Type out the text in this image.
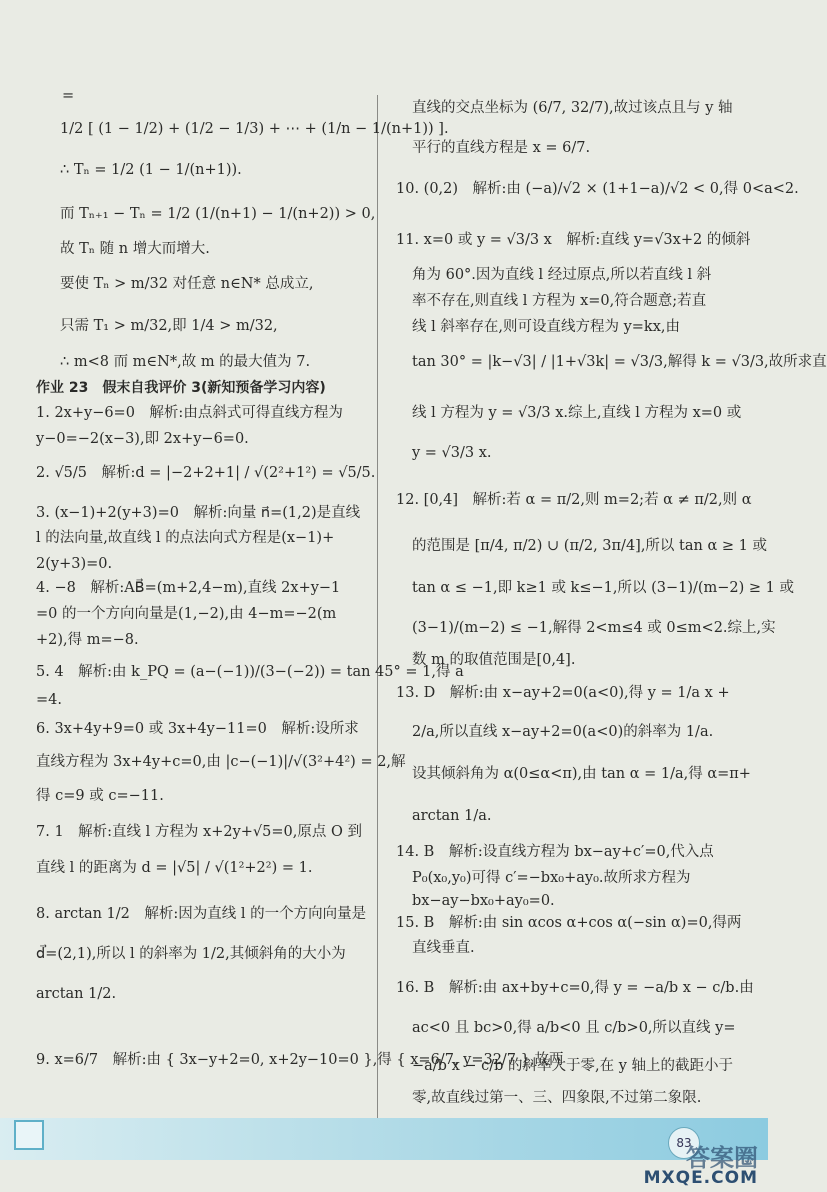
=
1/2 [ (1 − 1/2) + (1/2 − 1/3) + ⋯ + (1/n − 1/(n+1)) ].
∴ Tₙ = 1/2 (1 − 1/(n+1)).
而 Tₙ₊₁ − Tₙ = 1/2 (1/(n+1) − 1/(n+2)) > 0,
故 Tₙ 随 n 增大而增大.
要使 Tₙ > m/32 对任意 n∈N* 总成立,
只需 T₁ > m/32,即 1/4 > m/32,
∴ m<8 而 m∈N*,故 m 的最大值为 7.
作业 23　假末自我评价 3(新知预备学习内容)
1. 2x+y−6=0　解析:由点斜式可得直线方程为
y−0=−2(x−3),即 2x+y−6=0.
2. √5/5　解析:d = |−2+2+1| / √(2²+1²) = √5/5.
3. (x−1)+2(y+3)=0　解析:向量 n⃗=(1,2)是直线
l 的法向量,故直线 l 的点法向式方程是(x−1)+
2(y+3)=0.
4. −8　解析:AB⃗=(m+2,4−m),直线 2x+y−1
=0 的一个方向向量是(1,−2),由 4−m=−2(m
+2),得 m=−8.
5. 4　解析:由 k_PQ = (a−(−1))/(3−(−2)) = tan 45° = 1,得 a
=4.
6. 3x+4y+9=0 或 3x+4y−11=0　解析:设所求
直线方程为 3x+4y+c=0,由 |c−(−1)|/√(3²+4²) = 2,解
得 c=9 或 c=−11.
7. 1　解析:直线 l 方程为 x+2y+√5=0,原点 O 到
直线 l 的距离为 d = |√5| / √(1²+2²) = 1.
8. arctan 1/2　解析:因为直线 l 的一个方向向量是
d⃗=(2,1),所以 l 的斜率为 1/2,其倾斜角的大小为
arctan 1/2.
9. x=6/7　解析:由 { 3x−y+2=0, x+2y−10=0 },得 { x=6/7, y=32/7 },故两
直线的交点坐标为 (6/7, 32/7),故过该点且与 y 轴
平行的直线方程是 x = 6/7.
10. (0,2)　解析:由 (−a)/√2 × (1+1−a)/√2 < 0,得 0<a<2.
11. x=0 或 y = √3/3 x　解析:直线 y=√3x+2 的倾斜
角为 60°.因为直线 l 经过原点,所以若直线 l 斜
率不存在,则直线 l 方程为 x=0,符合题意;若直
线 l 斜率存在,则可设直线方程为 y=kx,由
tan 30° = |k−√3| / |1+√3k| = √3/3,解得 k = √3/3,故所求直
线 l 方程为 y = √3/3 x.综上,直线 l 方程为 x=0 或
y = √3/3 x.
12. [0,4]　解析:若 α = π/2,则 m=2;若 α ≠ π/2,则 α
的范围是 [π/4, π/2) ∪ (π/2, 3π/4],所以 tan α ≥ 1 或
tan α ≤ −1,即 k≥1 或 k≤−1,所以 (3−1)/(m−2) ≥ 1 或
(3−1)/(m−2) ≤ −1,解得 2<m≤4 或 0≤m<2.综上,实
数 m 的取值范围是[0,4].
13. D　解析:由 x−ay+2=0(a<0),得 y = 1/a x +
2/a,所以直线 x−ay+2=0(a<0)的斜率为 1/a.
设其倾斜角为 α(0≤α<π),由 tan α = 1/a,得 α=π+
arctan 1/a.
14. B　解析:设直线方程为 bx−ay+c′=0,代入点
P₀(x₀,y₀)可得 c′=−bx₀+ay₀.故所求方程为
bx−ay−bx₀+ay₀=0.
15. B　解析:由 sin αcos α+cos α(−sin α)=0,得两
直线垂直.
16. B　解析:由 ax+by+c=0,得 y = −a/b x − c/b.由
ac<0 且 bc>0,得 a/b<0 且 c/b>0,所以直线 y=
−a/b x − c/b 的斜率大于零,在 y 轴上的截距小于
零,故直线过第一、三、四象限,不过第二象限.
83
答案圈
MXQE.COM
